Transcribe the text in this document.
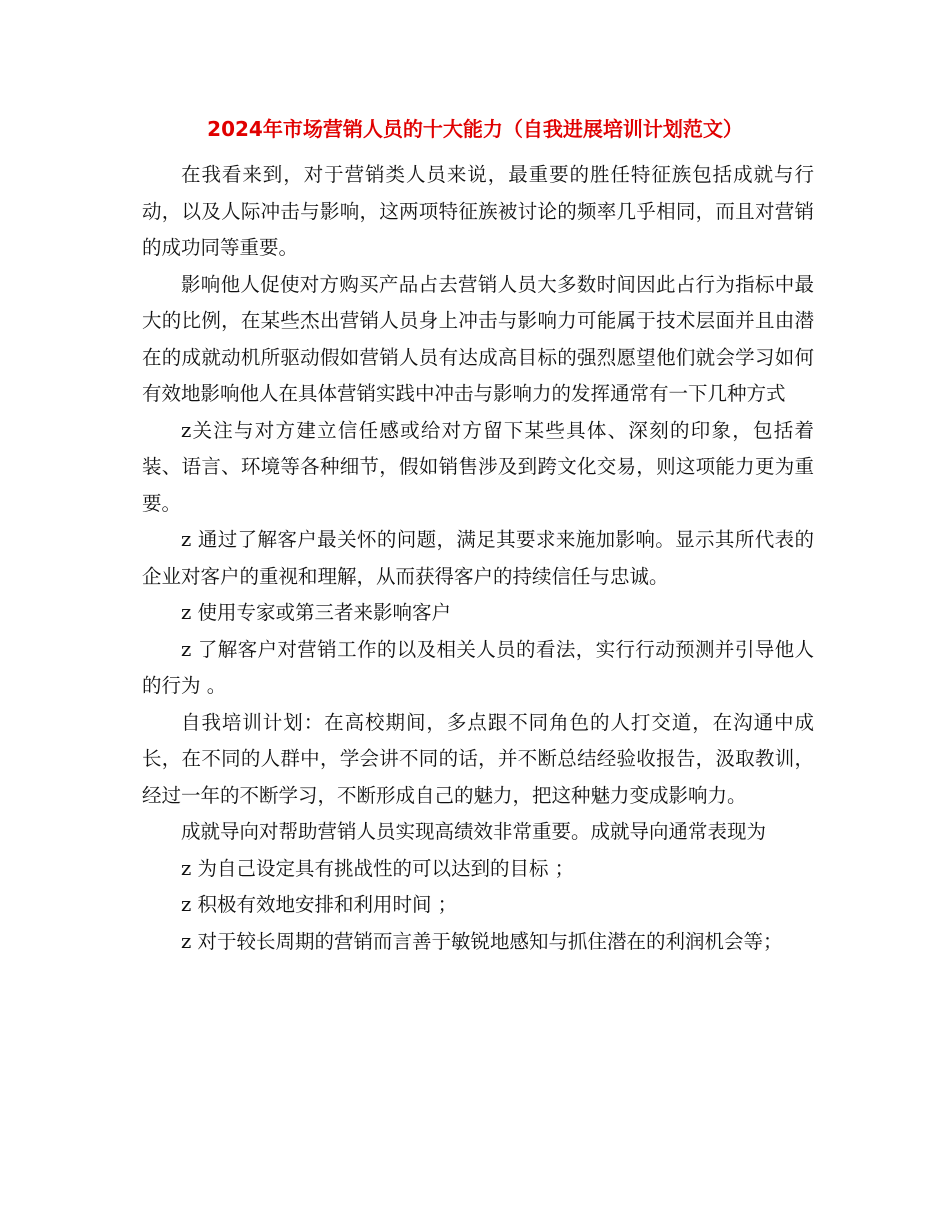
2024年市场营销人员的十大能力（自我进展培训计划范文）

在我看来到，对于营销类人员来说，最重要的胜任特征族包括成就与行动，以及人际冲击与影响，这两项特征族被讨论的频率几乎相同，而且对营销的成功同等重要。

影响他人促使对方购买产品占去营销人员大多数时间因此占行为指标中最大的比例，在某些杰出营销人员身上冲击与影响力可能属于技术层面并且由潜在的成就动机所驱动假如营销人员有达成高目标的强烈愿望他们就会学习如何有效地影响他人在具体营销实践中冲击与影响力的发挥通常有一下几种方式

z关注与对方建立信任感或给对方留下某些具体、深刻的印象，包括着装、语言、环境等各种细节，假如销售涉及到跨文化交易，则这项能力更为重要。

z 通过了解客户最关怀的问题，满足其要求来施加影响。显示其所代表的企业对客户的重视和理解，从而获得客户的持续信任与忠诚。

z 使用专家或第三者来影响客户

z 了解客户对营销工作的以及相关人员的看法，实行行动预测并引导他人的行为 。

自我培训计划：在高校期间，多点跟不同角色的人打交道，在沟通中成长，在不同的人群中，学会讲不同的话，并不断总结经验收报告，汲取教训，经过一年的不断学习，不断形成自己的魅力，把这种魅力变成影响力。

成就导向对帮助营销人员实现高绩效非常重要。成就导向通常表现为

z 为自己设定具有挑战性的可以达到的目标 ；

z 积极有效地安排和利用时间 ；

z 对于较长周期的营销而言善于敏锐地感知与抓住潜在的利润机会等；
